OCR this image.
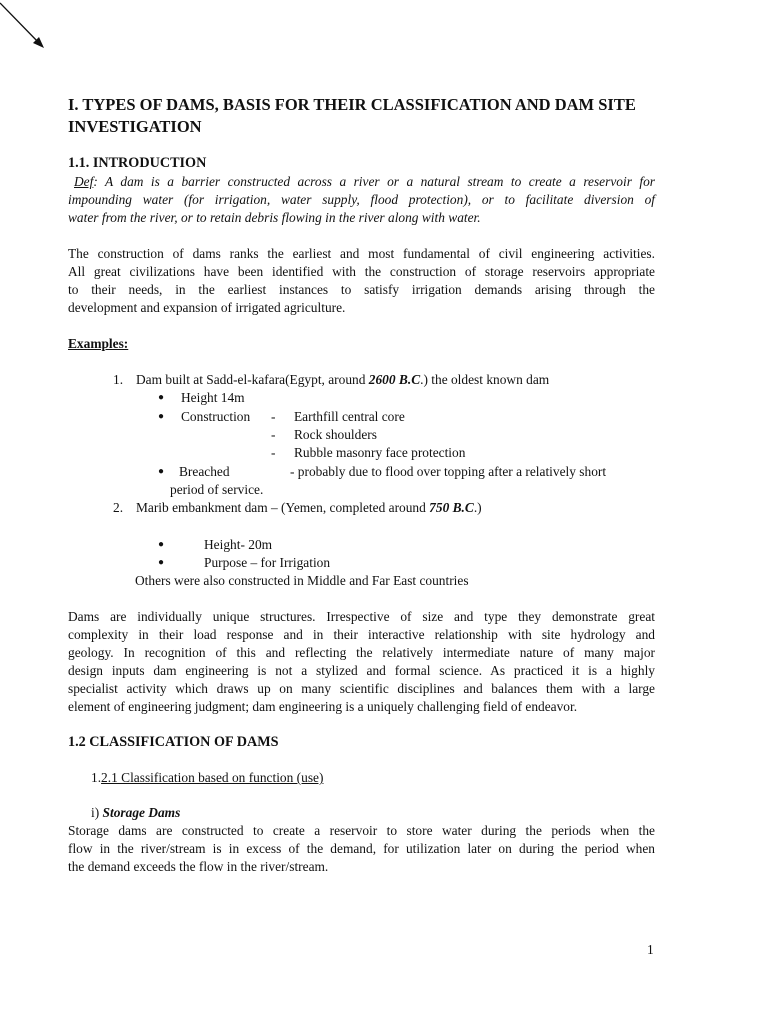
I. TYPES OF DAMS, BASIS FOR THEIR CLASSIFICATION AND DAM SITE INVESTIGATION
1.1. INTRODUCTION
Def: A dam is a barrier constructed across a river or a natural stream to create a reservoir for
impounding water (for irrigation, water supply, flood protection), or to facilitate diversion of
water from the river, or to retain debris flowing in the river along with water.
The construction of dams ranks the earliest and most fundamental of civil engineering activities.
All great civilizations have been identified with the construction of storage reservoirs appropriate
to their needs, in the earliest instances to satisfy irrigation demands arising through the
development and expansion of irrigated agriculture.
Examples:
1. Dam built at Sadd-el-kafara(Egypt, around 2600 B.C.) the oldest known dam
● Height 14m
● Construction - Earthfill central core
- Rock shoulders
- Rubble masonry face protection
● Breached	- probably due to flood over topping after a relatively short
period of service.
2. Marib embankment dam – (Yemen, completed around 750 B.C.)
●	Height- 20m
●	Purpose – for Irrigation
Others were also constructed in Middle and Far East countries
Dams are individually unique structures. Irrespective of size and type they demonstrate great
complexity in their load response and in their interactive relationship with site hydrology and
geology. In recognition of this and reflecting the relatively intermediate nature of many major
design inputs dam engineering is not a stylized and formal science. As practiced it is a highly
specialist activity which draws up on many scientific disciplines and balances them with a large
element of engineering judgment; dam engineering is a uniquely challenging field of endeavor.
1.2 CLASSIFICATION OF DAMS
1.2.1 Classification based on function (use)
i) Storage Dams
Storage dams are constructed to create a reservoir to store water during the periods when the
flow in the river/stream is in excess of the demand, for utilization later on during the period when
the demand exceeds the flow in the river/stream.
1
